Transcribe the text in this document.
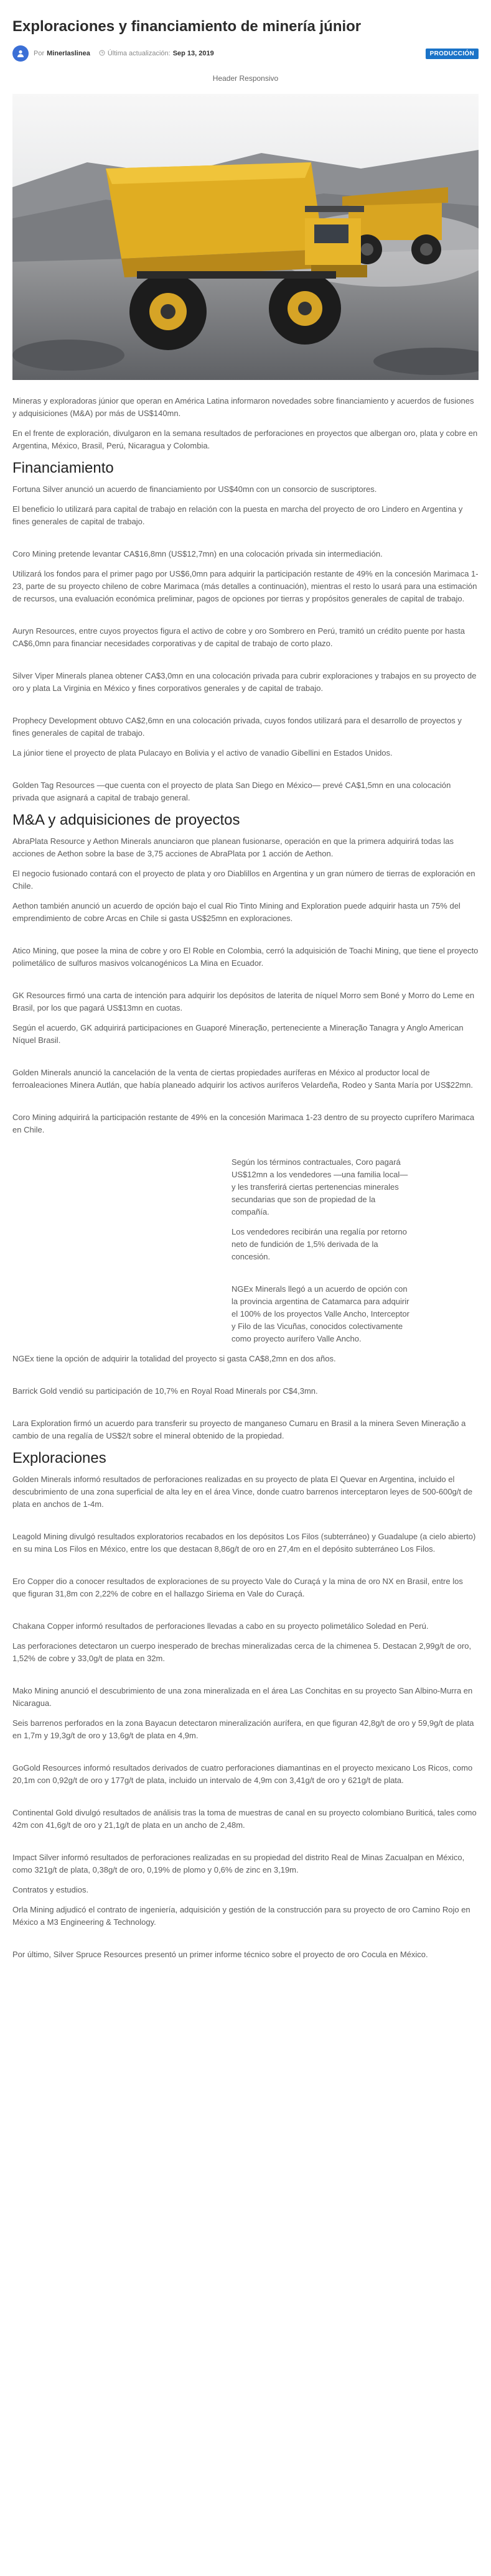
Exploraciones y financiamiento de minería júnior
Por MinerIaslinea	Última actualización: Sep 13, 2019	PRODUCCIÓN
Header Responsivo

Mineras y exploradoras júnior que operan en América Latina informaron novedades sobre financiamiento y acuerdos de fusiones y adquisiciones (M&A) por más de US$140mn.

En el frente de exploración, divulgaron en la semana resultados de perforaciones en proyectos que albergan oro, plata y cobre en Argentina, México, Brasil, Perú, Nicaragua y Colombia.

Financiamiento

Fortuna Silver anunció un acuerdo de financiamiento por US$40mn con un consorcio de suscriptores.

El beneficio lo utilizará para capital de trabajo en relación con la puesta en marcha del proyecto de oro Lindero en Argentina y fines generales de capital de trabajo.

Coro Mining pretende levantar CA$16,8mn (US$12,7mn) en una colocación privada sin intermediación.

Utilizará los fondos para el primer pago por US$6,0mn para adquirir la participación restante de 49% en la concesión Marimaca 1-23, parte de su proyecto chileno de cobre Marimaca (más detalles a continuación), mientras el resto lo usará para una estimación de recursos, una evaluación económica preliminar, pagos de opciones por tierras y propósitos generales de capital de trabajo.

Auryn Resources, entre cuyos proyectos figura el activo de cobre y oro Sombrero en Perú, tramitó un crédito puente por hasta CA$6,0mn para financiar necesidades corporativas y de capital de trabajo de corto plazo.

Silver Viper Minerals planea obtener CA$3,0mn en una colocación privada para cubrir exploraciones y trabajos en su proyecto de oro y plata La Virginia en México y fines corporativos generales y de capital de trabajo.

Prophecy Development obtuvo CA$2,6mn en una colocación privada, cuyos fondos utilizará para el desarrollo de proyectos y fines generales de capital de trabajo.

La júnior tiene el proyecto de plata Pulacayo en Bolivia y el activo de vanadio Gibellini en Estados Unidos.

Golden Tag Resources —que cuenta con el proyecto de plata San Diego en México— prevé CA$1,5mn en una colocación privada que asignará a capital de trabajo general.

M&A y adquisiciones de proyectos

AbraPlata Resource y Aethon Minerals anunciaron que planean fusionarse, operación en que la primera adquirirá todas las acciones de Aethon sobre la base de 3,75 acciones de AbraPlata por 1 acción de Aethon.

El negocio fusionado contará con el proyecto de plata y oro Diablillos en Argentina y un gran número de tierras de exploración en Chile.

Aethon también anunció un acuerdo de opción bajo el cual Rio Tinto Mining and Exploration puede adquirir hasta un 75% del emprendimiento de cobre Arcas en Chile si gasta US$25mn en exploraciones.

Atico Mining, que posee la mina de cobre y oro El Roble en Colombia, cerró la adquisición de Toachi Mining, que tiene el proyecto polimetálico de sulfuros masivos volcanogénicos La Mina en Ecuador.

GK Resources firmó una carta de intención para adquirir los depósitos de laterita de níquel Morro sem Boné y Morro do Leme en Brasil, por los que pagará US$13mn en cuotas.

Según el acuerdo, GK adquirirá participaciones en Guaporé Mineração, perteneciente a Mineração Tanagra y Anglo American Níquel Brasil.

Golden Minerals anunció la cancelación de la venta de ciertas propiedades auríferas en México al productor local de ferroaleaciones Minera Autlán, que había planeado adquirir los activos auríferos Velardeña, Rodeo y Santa María por US$22mn.

Coro Mining adquirirá la participación restante de 49% en la concesión Marimaca 1-23 dentro de su proyecto cuprífero Marimaca en Chile.

Según los términos contractuales, Coro pagará US$12mn a los vendedores —una familia local— y les transferirá ciertas pertenencias minerales secundarias que son de propiedad de la compañía.

Los vendedores recibirán una regalía por retorno neto de fundición de 1,5% derivada de la concesión.

NGEx Minerals llegó a un acuerdo de opción con la provincia argentina de Catamarca para adquirir el 100% de los proyectos Valle Ancho, Interceptor y Filo de las Vicuñas, conocidos colectivamente como proyecto aurífero Valle Ancho.

NGEx tiene la opción de adquirir la totalidad del proyecto si gasta CA$8,2mn en dos años.

Barrick Gold vendió su participación de 10,7% en Royal Road Minerals por C$4,3mn.

Lara Exploration firmó un acuerdo para transferir su proyecto de manganeso Cumaru en Brasil a la minera Seven Mineração a cambio de una regalía de US$2/t sobre el mineral obtenido de la propiedad.

Exploraciones

Golden Minerals informó resultados de perforaciones realizadas en su proyecto de plata El Quevar en Argentina, incluido el descubrimiento de una zona superficial de alta ley en el área Vince, donde cuatro barrenos interceptaron leyes de 500-600g/t de plata en anchos de 1-4m.

Leagold Mining divulgó resultados exploratorios recabados en los depósitos Los Filos (subterráneo) y Guadalupe (a cielo abierto) en su mina Los Filos en México, entre los que destacan 8,86g/t de oro en 27,4m en el depósito subterráneo Los Filos.

Ero Copper dio a conocer resultados de exploraciones de su proyecto Vale do Curaçá y la mina de oro NX en Brasil, entre los que figuran 31,8m con 2,22% de cobre en el hallazgo Siriema en Vale do Curaçá.

Chakana Copper informó resultados de perforaciones llevadas a cabo en su proyecto polimetálico Soledad en Perú.

Las perforaciones detectaron un cuerpo inesperado de brechas mineralizadas cerca de la chimenea 5. Destacan 2,99g/t de oro, 1,52% de cobre y 33,0g/t de plata en 32m.

Mako Mining anunció el descubrimiento de una zona mineralizada en el área Las Conchitas en su proyecto San Albino-Murra en Nicaragua.

Seis barrenos perforados en la zona Bayacun detectaron mineralización aurífera, en que figuran 42,8g/t de oro y 59,9g/t de plata en 1,7m y 19,3g/t de oro y 13,6g/t de plata en 4,9m.

GoGold Resources informó resultados derivados de cuatro perforaciones diamantinas en el proyecto mexicano Los Ricos, como 20,1m con 0,92g/t de oro y 177g/t de plata, incluido un intervalo de 4,9m con 3,41g/t de oro y 621g/t de plata.

Continental Gold divulgó resultados de análisis tras la toma de muestras de canal en su proyecto colombiano Buriticá, tales como 42m con 41,6g/t de oro y 21,1g/t de plata en un ancho de 2,48m.

Impact Silver informó resultados de perforaciones realizadas en su propiedad del distrito Real de Minas Zacualpan en México, como 321g/t de plata, 0,38g/t de oro, 0,19% de plomo y 0,6% de zinc en 3,19m.

Contratos y estudios.

Orla Mining adjudicó el contrato de ingeniería, adquisición y gestión de la construcción para su proyecto de oro Camino Rojo en México a M3 Engineering & Technology.

Por último, Silver Spruce Resources presentó un primer informe técnico sobre el proyecto de oro Cocula en México.
